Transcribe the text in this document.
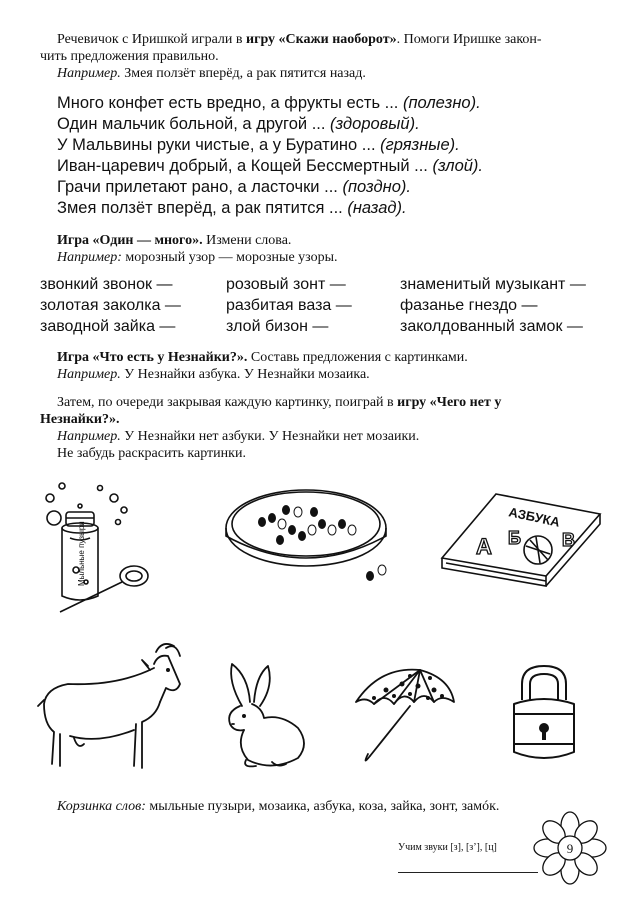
Речевичок с Иришкой играли в игру «Скажи наоборот». Помоги Иришке закон-

чить предложения правильно.

Например. Змея ползёт вперёд, а рак пятится назад.

Много конфет есть вредно, а фрукты есть ... (полезно).

Один мальчик больной, а другой ... (здоровый).

У Мальвины руки чистые, а у Буратино ... (грязные).

Иван-царевич добрый, а Кощей Бессмертный ... (злой).

Грачи прилетают рано, а ласточки ... (поздно).

Змея ползёт вперёд, а рак пятится ... (назад).

Игра «Один — много». Измени слова.

Например: морозный узор — морозные узоры.

звонкий звонок —	розовый зонт —	знаменитый музыкант —
золотая заколка —	разбитая ваза —	фазанье гнездо —
заводной зайка —	злой бизон —	заколдованный замок —

Игра «Что есть у Незнайки?». Составь предложения с картинками.

Например. У Незнайки азбука. У Незнайки мозаика.

Затем, по очереди закрывая каждую картинку, поиграй в игру «Чего нет у

Незнайки?».

Например. У Незнайки нет азбуки. У Незнайки нет мозаики.

Не забудь раскрасить картинки.

Мыльные пузыри
АЗБУКА
А Б В

Корзинка слов: мыльные пузыри, мозаика, азбука, коза, зайка, зонт, замóк.

Учим звуки [з], [з’], [ц]	9
